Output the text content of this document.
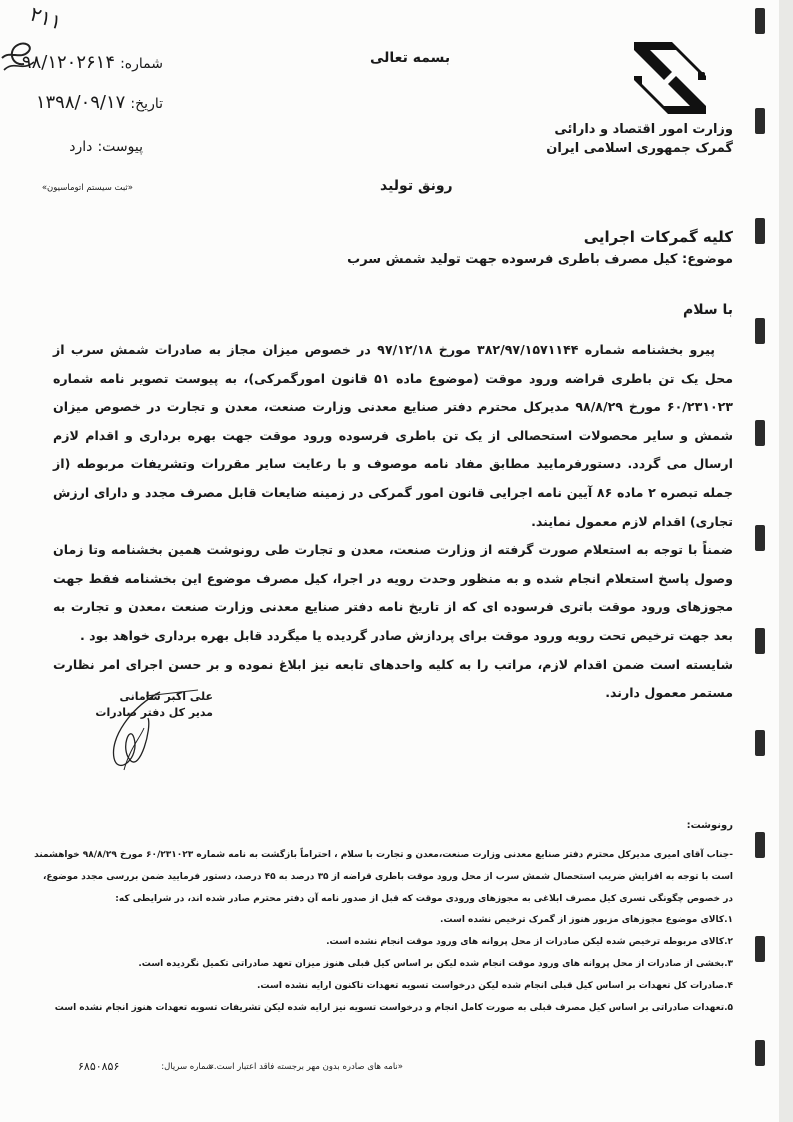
۲۱۱
شماره: ۹۸/۱۲۰۲۶۱۴
تاریخ: ۱۳۹۸/۰۹/۱۷
پیوست: دارد
«ثبت سیستم اتوماسیون»
بسمه تعالی
رونق تولید
وزارت امور اقتصاد و دارائی
گمرک جمهوری اسلامی ایران
کلیه گمرکات اجرایی
موضوع: کیل مصرف باطری فرسوده جهت تولید شمش سرب
با سلام

پیرو بخشنامه شماره ۳۸۲/۹۷/۱۵۷۱۱۴۴ مورخ ۹۷/۱۲/۱۸ در خصوص میزان مجاز به صادرات شمش سرب از محل یک تن باطری قراضه ورود موقت (موضوع ماده ۵۱ قانون امورگمرکی)، به پیوست تصویر نامه شماره ۶۰/۲۳۱۰۲۳ مورخ ۹۸/۸/۲۹ مدیرکل محترم دفتر صنایع معدنی وزارت صنعت، معدن و تجارت در خصوص میزان شمش و سایر محصولات استحصالی از یک تن باطری فرسوده ورود موقت جهت بهره برداری و اقدام لازم ارسال می گردد. دستورفرمایید مطابق مفاد نامه موصوف و با رعایت سایر مقررات وتشریفات مربوطه (از جمله تبصره ۲ ماده ۸۶ آیین نامه اجرایی قانون امور گمرکی در زمینه ضایعات قابل مصرف مجدد و دارای ارزش تجاری) اقدام لازم معمول نمایند.

ضمناً با توجه به استعلام صورت گرفته از وزارت صنعت، معدن و تجارت طی رونوشت همین بخشنامه وتا زمان وصول پاسخ استعلام انجام شده و به منظور وحدت رویه در اجرا، کیل مصرف موضوع این بخشنامه فقط جهت مجوزهای ورود موقت باتری فرسوده ای که از تاریخ نامه دفتر صنایع معدنی وزارت صنعت ،معدن و تجارت به بعد جهت ترخیص تحت رویه ورود موقت برای پردازش صادر گردیده یا میگردد قابل بهره برداری خواهد بود .

شایسته است ضمن اقدام لازم، مراتب را به کلیه واحدهای تابعه نیز ابلاغ نموده و بر حسن اجرای امر نظارت مستمر معمول دارند.

علی اکبر شامانی
مدیر کل دفتر صادرات
رونوشت:

-جناب آقای امیری مدیرکل محترم دفتر صنایع معدنی وزارت صنعت،معدن و تجارت با سلام ، احتراماً بازگشت به نامه شماره ۶۰/۲۳۱۰۲۳ مورخ ۹۸/۸/۲۹ خواهشمند است با توجه به افزایش ضریب استحصال شمش سرب از محل ورود موقت باطری قراضه از ۳۵ درصد به ۴۵ درصد، دستور فرمایید ضمن بررسی مجدد موضوع، در خصوص چگونگی تسری کیل مصرف ابلاغی به مجوزهای ورودی موقت که قبل از صدور نامه آن دفتر محترم صادر شده اند، در شرایطی که:

۱.کالای موضوع مجوزهای مزبور هنوز از گمرک ترخیص نشده است.

۲.کالای مربوطه ترخیص شده لیکن صادرات از محل پروانه های ورود موقت انجام نشده است.

۳.بخشی از صادرات از محل پروانه های ورود موقت انجام شده لیکن بر اساس کیل قبلی هنوز میزان تعهد صادراتی تکمیل نگردیده است.

۴.صادرات کل تعهدات بر اساس کیل قبلی انجام شده لیکن درخواست تسویه تعهدات تاکنون ارایه نشده است.

۵.تعهدات صادراتی بر اساس کیل مصرف قبلی به صورت کامل انجام و درخواست تسویه نیز ارایه شده لیکن تشریفات تسویه تعهدات هنوز انجام نشده است

«نامه های صادره بدون مهر برجسته فاقد اعتبار است.»
شماره سریال:
۶۸۵۰۸۵۶
